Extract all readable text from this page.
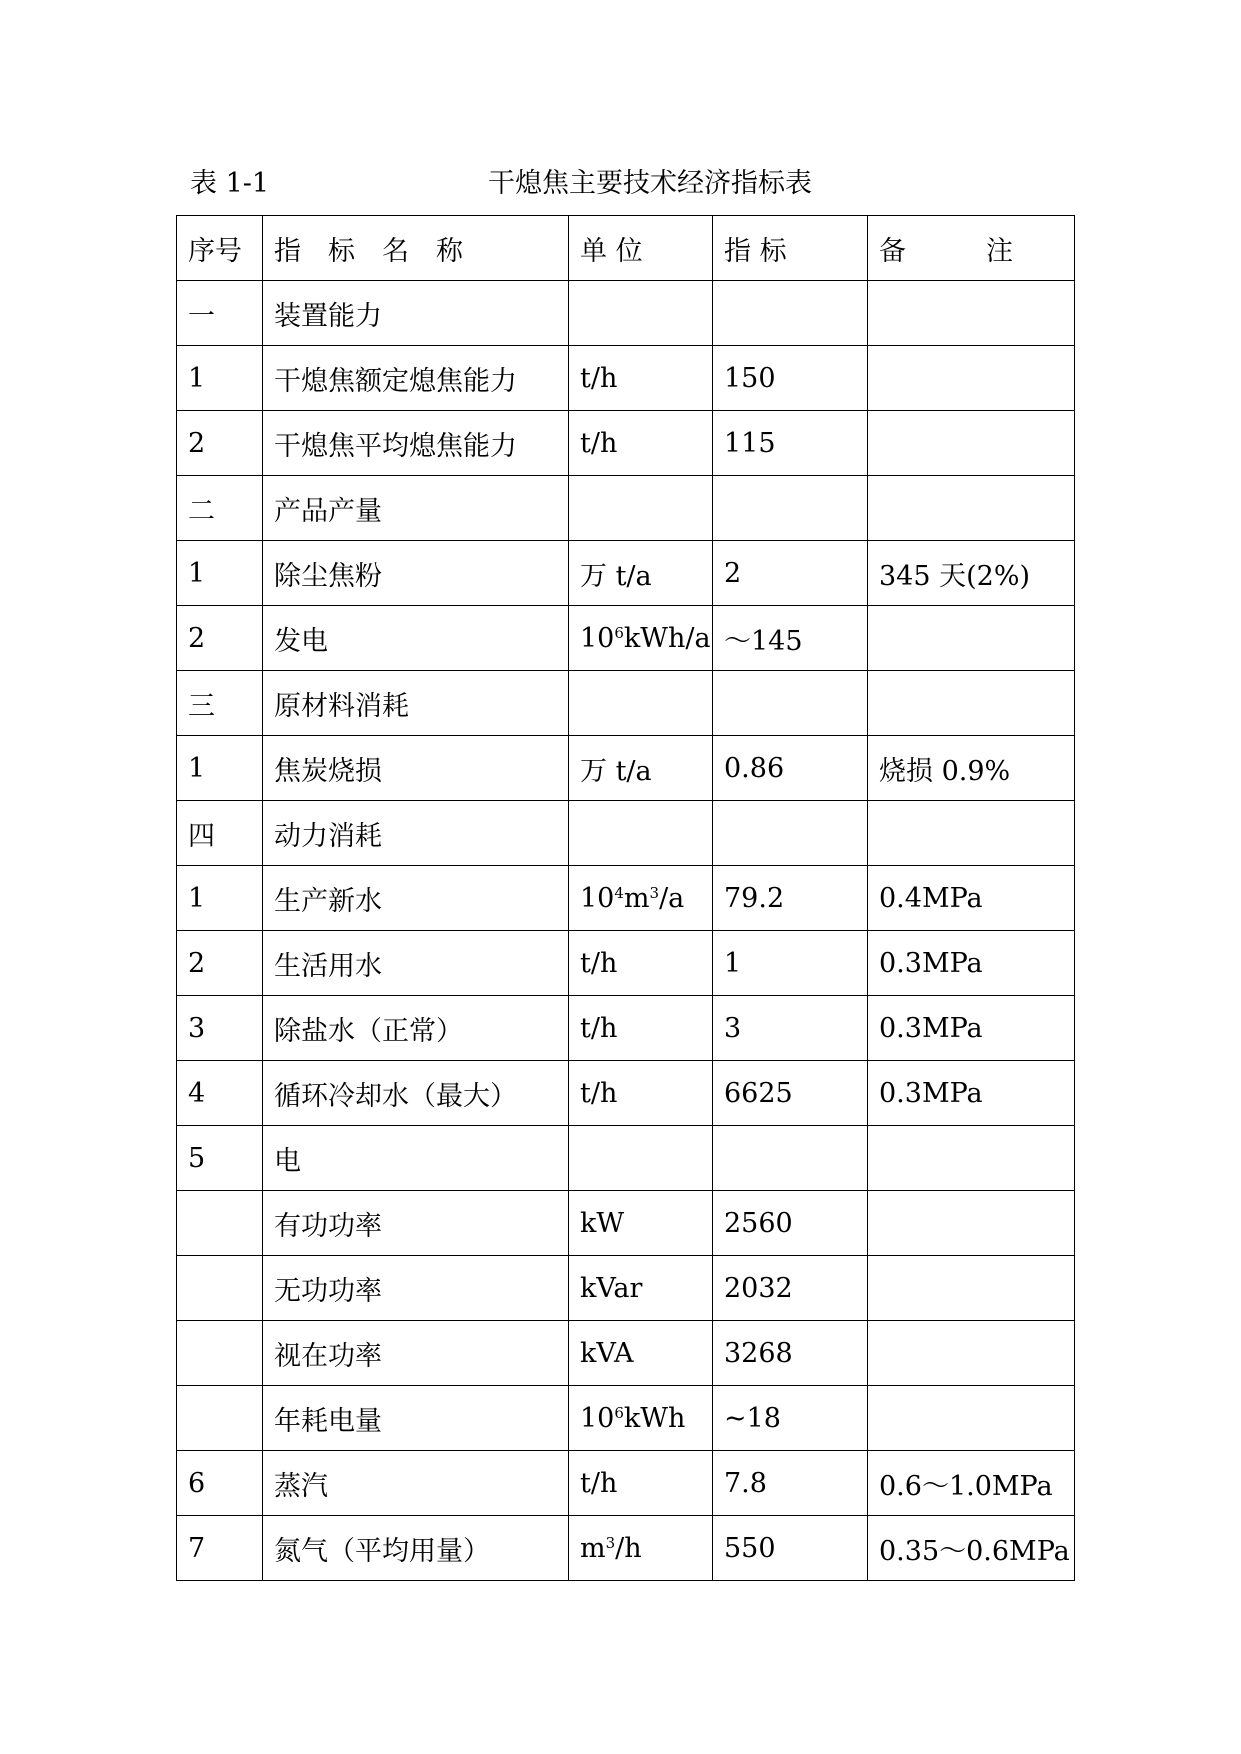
表 1-1	干熄焦主要技术经济指标表
序号	指　标　名　称	单 位	指 标	备 注
一	装置能力			
1	干熄焦额定熄焦能力	t/h	150	
2	干熄焦平均熄焦能力	t/h	115	
二	产品产量			
1	除尘焦粉	万 t/a	2	345 天(2%)
2	发电	$10^6kWh/a$	～145	
三	原材料消耗			
1	焦炭烧损	万 t/a	0.86	烧损 0.9%
四	动力消耗			
1	生产新水	$10^4m^3/a$	79.2	0.4MPa
2	生活用水	t/h	1	0.3MPa
3	除盐水（正常）	t/h	3	0.3MPa
4	循环冷却水（最大）	t/h	6625	0.3MPa
5	电			
	有功功率	kW	2560	
	无功功率	kVar	2032	
	视在功率	kVA	3268	
	年耗电量	$10^6kWh$	~18	
6	蒸汽	t/h	7.8	0.6～1.0MPa
7	氮气（平均用量）	$m^3/h$	550	0.35～0.6MPa
